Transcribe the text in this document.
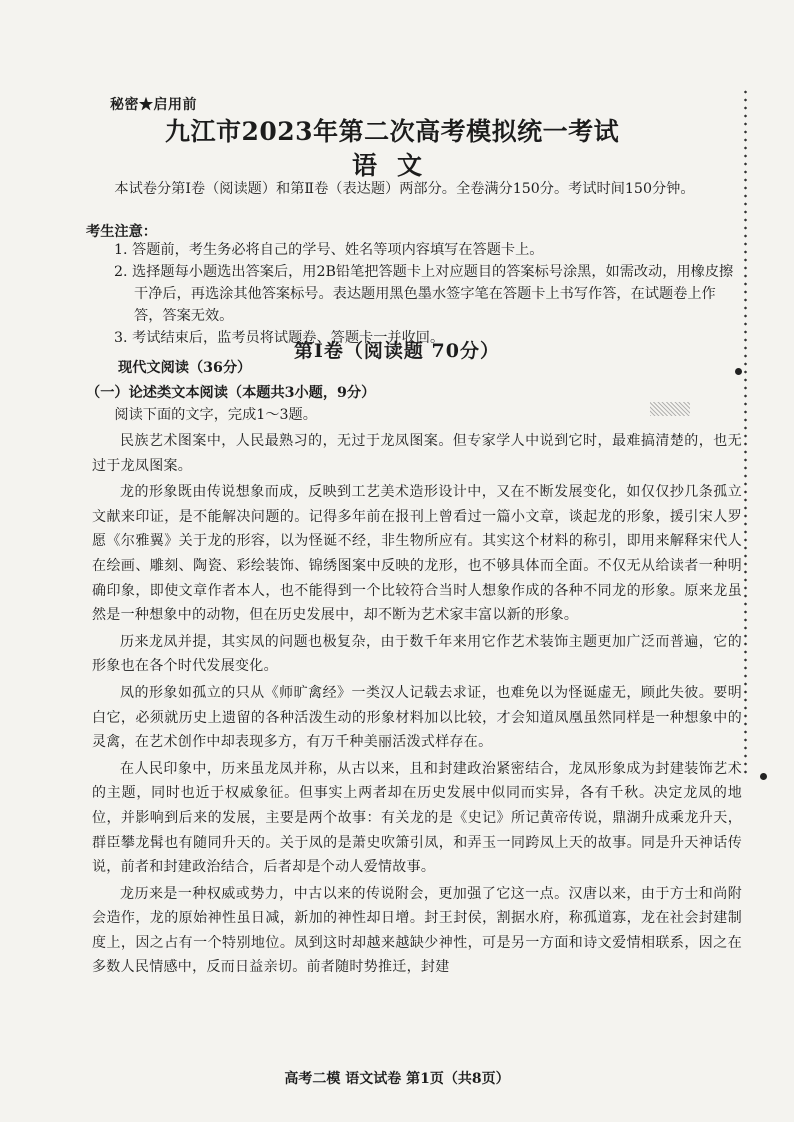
秘密★启用前
九江市2023年第二次高考模拟统一考试
语文

本试卷分第Ⅰ卷（阅读题）和第Ⅱ卷（表达题）两部分。全卷满分150分。考试时间150分钟。

考生注意：
1. 答题前，考生务必将自己的学号、姓名等项内容填写在答题卡上。
2. 选择题每小题选出答案后，用2B铅笔把答题卡上对应题目的答案标号涂黑，如需改动，用橡皮擦干净后，再选涂其他答案标号。表达题用黑色墨水签字笔在答题卡上书写作答，在试题卷上作答，答案无效。
3. 考试结束后，监考员将试题卷、答题卡一并收回。
第Ⅰ卷（阅读题 70分）
现代文阅读（36分）
（一）论述类文本阅读（本题共3小题，9分）

阅读下面的文字，完成1～3题。

民族艺术图案中，人民最熟习的，无过于龙凤图案。但专家学人中说到它时，最难搞清楚的，也无过于龙凤图案。

龙的形象既由传说想象而成，反映到工艺美术造形设计中，又在不断发展变化，如仅仅抄几条孤立文献来印证，是不能解决问题的。记得多年前在报刊上曾看过一篇小文章，谈起龙的形象，援引宋人罗愿《尔雅翼》关于龙的形容，以为怪诞不经，非生物所应有。其实这个材料的称引，即用来解释宋代人在绘画、雕刻、陶瓷、彩绘装饰、锦绣图案中反映的龙形，也不够具体而全面。不仅无从给读者一种明确印象，即使文章作者本人，也不能得到一个比较符合当时人想象作成的各种不同龙的形象。原来龙虽然是一种想象中的动物，但在历史发展中，却不断为艺术家丰富以新的形象。

历来龙凤并提，其实凤的问题也极复杂，由于数千年来用它作艺术装饰主题更加广泛而普遍，它的形象也在各个时代发展变化。

凤的形象如孤立的只从《师旷禽经》一类汉人记载去求证，也难免以为怪诞虚无，顾此失彼。要明白它，必须就历史上遗留的各种活泼生动的形象材料加以比较，才会知道凤凰虽然同样是一种想象中的灵禽，在艺术创作中却表现多方，有万千种美丽活泼式样存在。

在人民印象中，历来虽龙凤并称，从古以来，且和封建政治紧密结合，龙凤形象成为封建装饰艺术的主题，同时也近于权威象征。但事实上两者却在历史发展中似同而实异，各有千秋。决定龙凤的地位，并影响到后来的发展，主要是两个故事：有关龙的是《史记》所记黄帝传说，鼎湖升成乘龙升天，群臣攀龙髯也有随同升天的。关于凤的是萧史吹箫引凤，和弄玉一同跨凤上天的故事。同是升天神话传说，前者和封建政治结合，后者却是个动人爱情故事。

龙历来是一种权威或势力，中古以来的传说附会，更加强了它这一点。汉唐以来，由于方士和尚附会造作，龙的原始神性虽日减，新加的神性却日增。封王封侯，割据水府，称孤道寡，龙在社会封建制度上，因之占有一个特别地位。凤到这时却越来越缺少神性，可是另一方面和诗文爱情相联系，因之在多数人民情感中，反而日益亲切。前者随时势推迁，封建

高考二模 语文试卷 第1页（共8页）
